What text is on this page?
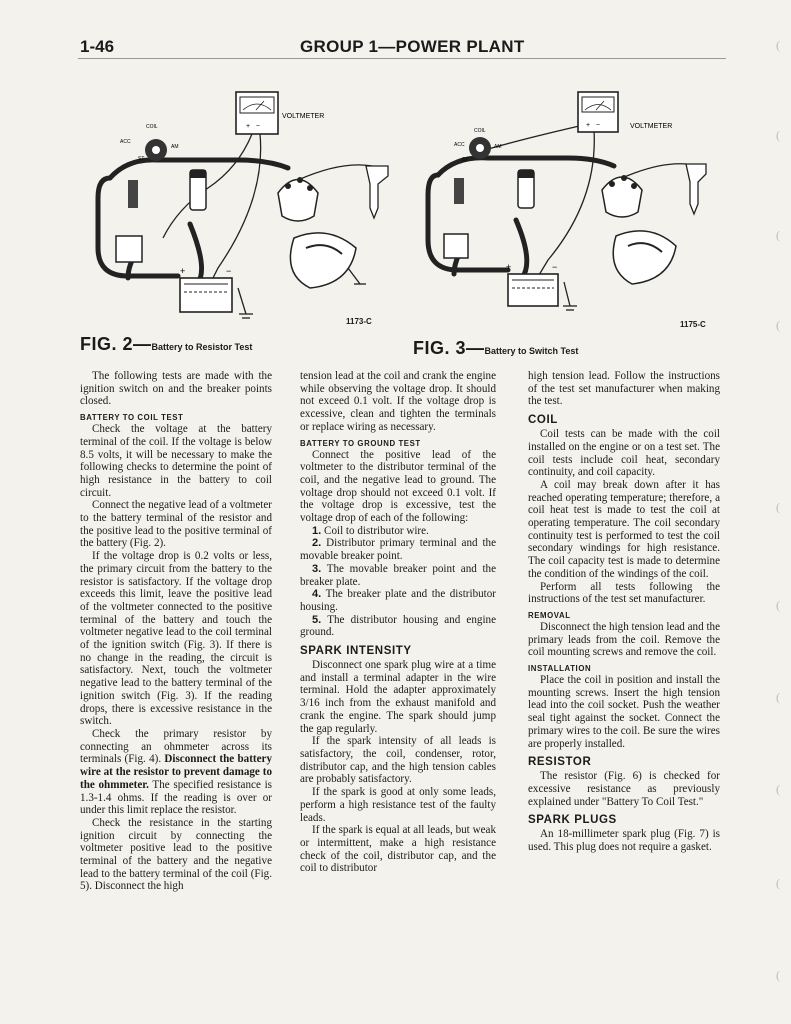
1-46	GROUP 1—POWER PLANT
+   −
VOLTMETER
COIL
ACC
AM
ST
+	−
1173-C
FIG. 2—Battery to Resistor Test
+   −	VOLTMETER
COIL
ACC	AM
ST
+	−
1175-C
FIG. 3—Battery to Switch Test

The following tests are made with the ignition switch on and the breaker points closed.

BATTERY TO COIL TEST

Check the voltage at the battery terminal of the coil. If the voltage is below 8.5 volts, it will be necessary to make the following checks to determine the point of high resistance in the battery to coil circuit.

Connect the negative lead of a voltmeter to the battery terminal of the resistor and the positive lead to the positive terminal of the battery (Fig. 2).

If the voltage drop is 0.2 volts or less, the primary circuit from the battery to the resistor is satisfactory. If the voltage drop exceeds this limit, leave the positive lead of the voltmeter connected to the positive terminal of the battery and touch the voltmeter negative lead to the coil terminal of the ignition switch (Fig. 3). If there is no change in the reading, the circuit is satisfactory. Next, touch the voltmeter negative lead to the battery terminal of the ignition switch (Fig. 3). If the reading drops, there is excessive resistance in the switch.

Check the primary resistor by connecting an ohmmeter across its terminals (Fig. 4). Disconnect the battery wire at the resistor to prevent damage to the ohmmeter. The specified resistance is 1.3-1.4 ohms. If the reading is over or under this limit replace the resistor.

Check the resistance in the starting ignition circuit by connecting the voltmeter positive lead to the positive terminal of the battery and the negative lead to the battery terminal of the coil (Fig. 5). Disconnect the high

tension lead at the coil and crank the engine while observing the voltage drop. It should not exceed 0.1 volt. If the voltage drop is excessive, clean and tighten the terminals or replace wiring as necessary.

BATTERY TO GROUND TEST

Connect the positive lead of the voltmeter to the distributor terminal of the coil, and the negative lead to ground. The voltage drop should not exceed 0.1 volt. If the voltage drop is excessive, test the voltage drop of each of the following:

1. Coil to distributor wire.

2. Distributor primary terminal and the movable breaker point.

3. The movable breaker point and the breaker plate.

4. The breaker plate and the distributor housing.

5. The distributor housing and engine ground.

SPARK INTENSITY

Disconnect one spark plug wire at a time and install a terminal adapter in the wire terminal. Hold the adapter approximately 3/16 inch from the exhaust manifold and crank the engine. The spark should jump the gap regularly.

If the spark intensity of all leads is satisfactory, the coil, condenser, rotor, distributor cap, and the high tension cables are probably satisfactory.

If the spark is good at only some leads, perform a high resistance test of the faulty leads.

If the spark is equal at all leads, but weak or intermittent, make a high resistance check of the coil, distributor cap, and the coil to distributor

high tension lead. Follow the instructions of the test set manufacturer when making the test.

COIL

Coil tests can be made with the coil installed on the engine or on a test set. The coil tests include coil heat, secondary continuity, and coil capacity.

A coil may break down after it has reached operating temperature; therefore, a coil heat test is made to test the coil at operating temperature. The coil secondary continuity test is performed to test the coil secondary windings for high resistance. The coil capacity test is made to determine the condition of the windings of the coil.

Perform all tests following the instructions of the test set manufacturer.

REMOVAL

Disconnect the high tension lead and the primary leads from the coil. Remove the coil mounting screws and remove the coil.

INSTALLATION

Place the coil in position and install the mounting screws. Insert the high tension lead into the coil socket. Push the weather seal tight against the socket. Connect the primary wires to the coil. Be sure the wires are properly installed.

RESISTOR

The resistor (Fig. 6) is checked for excessive resistance as previously explained under "Battery To Coil Test."

SPARK PLUGS

An 18-millimeter spark plug (Fig. 7) is used. This plug does not require a gasket.

(
(
(
(
(
(
(
(
(
(
